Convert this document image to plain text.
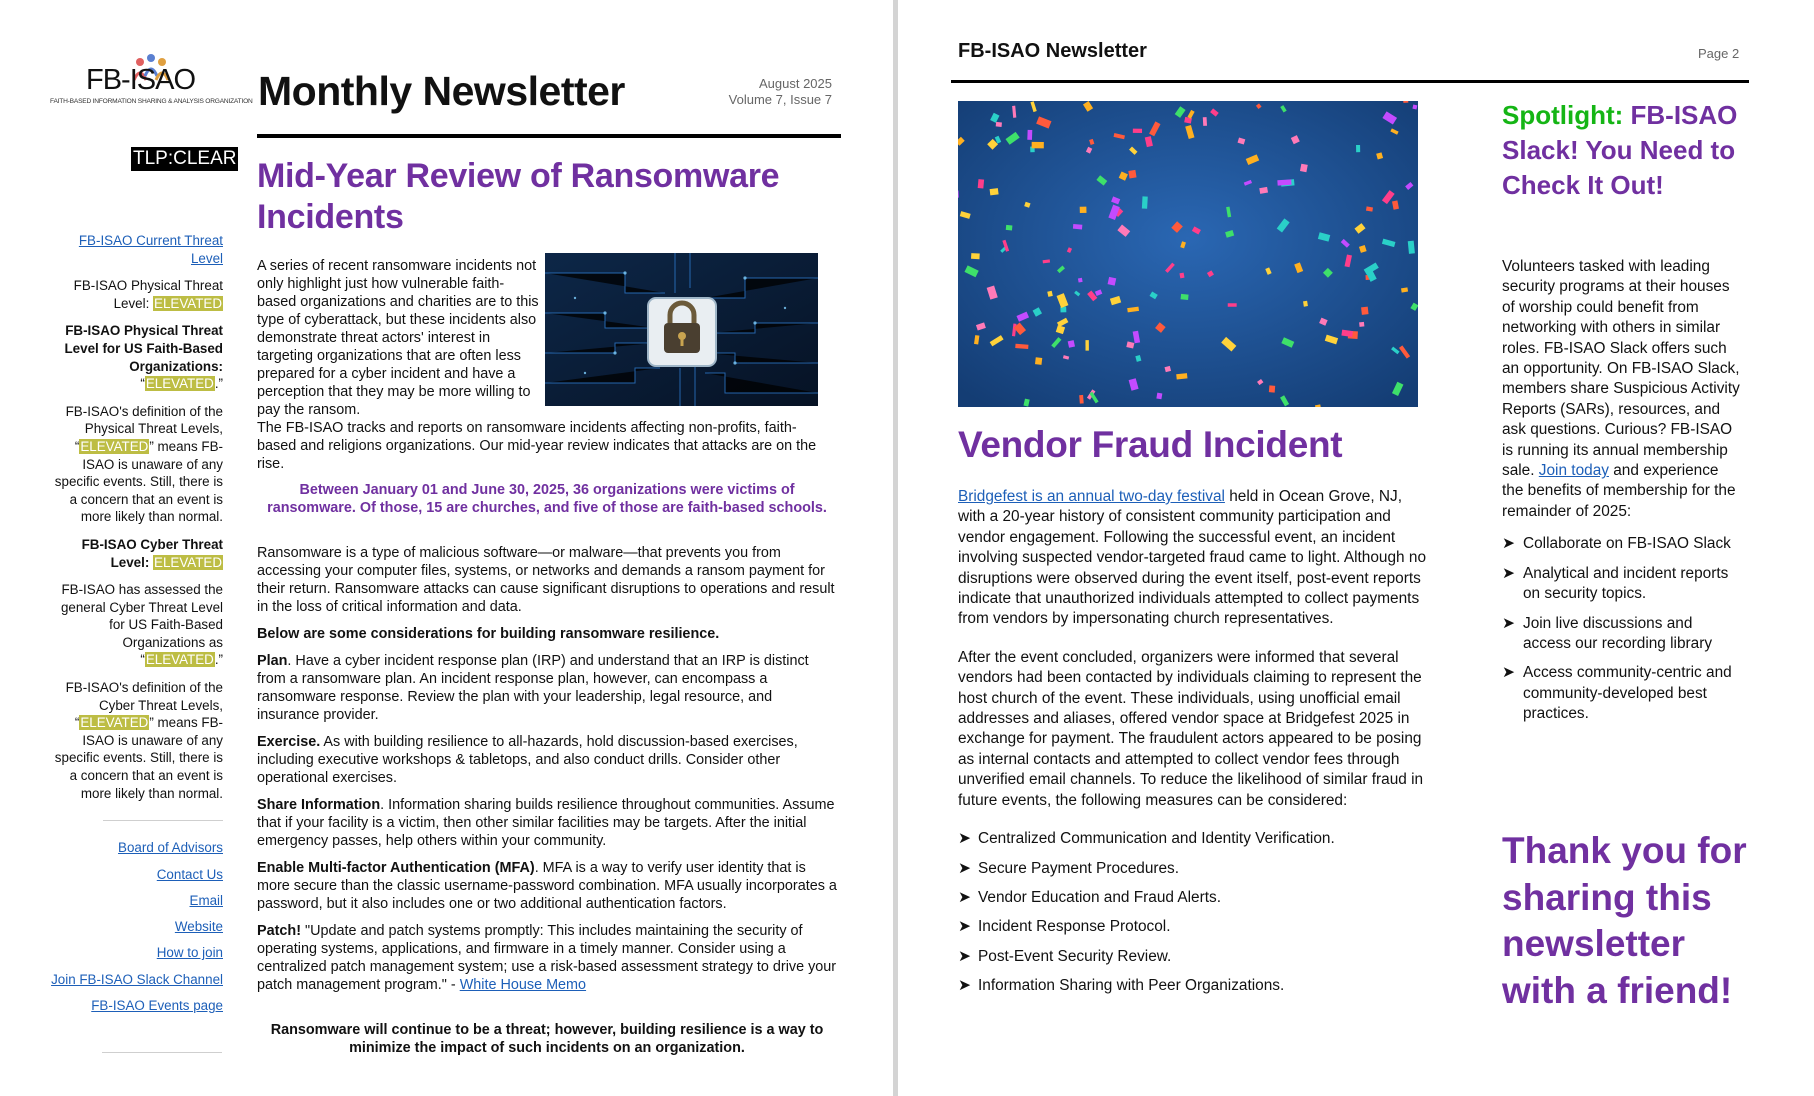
FB-ISAO
FAITH-BASED INFORMATION SHARING & ANALYSIS ORGANIZATION
TLP:CLEAR

FB-ISAO Current Threat Level

FB-ISAO Physical Threat Level: ELEVATED

FB-ISAO Physical Threat Level for US Faith-Based Organizations: “ELEVATED.”

FB-ISAO's definition of the Physical Threat Levels, “ELEVATED” means FB-ISAO is unaware of any specific events. Still, there is a concern that an event is more likely than normal.

FB-ISAO Cyber Threat Level: ELEVATED

FB-ISAO has assessed the general Cyber Threat Level for US Faith-Based Organizations as “ELEVATED.”

FB-ISAO's definition of the Cyber Threat Levels, “ELEVATED” means FB-ISAO is unaware of any specific events. Still, there is a concern that an event is more likely than normal.

Board of Advisors
Contact Us
Email
Website
How to join
Join FB-ISAO Slack Channel
FB-ISAO Events page
Monthly Newsletter	August 2025
Volume 7, Issue 7
Mid-Year Review of Ransomware Incidents

A series of recent ransomware incidents not only highlight just how vulnerable faith-based organizations and charities are to this type of cyberattack, but these incidents also demonstrate threat actors' interest in targeting organizations that are often less prepared for a cyber incident and have a perception that they may be more willing to pay the ransom.

The FB-ISAO tracks and reports on ransomware incidents affecting non-profits, faith-based and religions organizations. Our mid-year review indicates that attacks are on the rise.

Between January 01 and June 30, 2025, 36 organizations were victims of ransomware. Of those, 15 are churches, and five of those are faith-based schools.

Ransomware is a type of malicious software—or malware—that prevents you from accessing your computer files, systems, or networks and demands a ransom payment for their return. Ransomware attacks can cause significant disruptions to operations and result in the loss of critical information and data.

Below are some considerations for building ransomware resilience.

Plan. Have a cyber incident response plan (IRP) and understand that an IRP is distinct from a ransomware plan. An incident response plan, however, can encompass a ransomware response. Review the plan with your leadership, legal resource, and insurance provider.

Exercise. As with building resilience to all-hazards, hold discussion-based exercises, including executive workshops & tabletops, and also conduct drills. Consider other operational exercises.

Share Information. Information sharing builds resilience throughout communities. Assume that if your facility is a victim, then other similar facilities may be targets. After the initial emergency passes, help others within your community.

Enable Multi-factor Authentication (MFA). MFA is a way to verify user identity that is more secure than the classic username-password combination. MFA usually incorporates a password, but it also includes one or two additional authentication factors.

Patch! "Update and patch systems promptly: This includes maintaining the security of operating systems, applications, and firmware in a timely manner. Consider using a centralized patch management system; use a risk-based assessment strategy to drive your patch management program." - White House Memo

Ransomware will continue to be a threat; however, building resilience is a way to minimize the impact of such incidents on an organization.
FB-ISAO Newsletter	Page 2
Vendor Fraud Incident

Bridgefest is an annual two-day festival held in Ocean Grove, NJ, with a 20-year history of consistent community participation and vendor engagement. Following the successful event, an incident involving suspected vendor-targeted fraud came to light. Although no disruptions were observed during the event itself, post-event reports indicate that unauthorized individuals attempted to collect payments from vendors by impersonating church representatives.

After the event concluded, organizers were informed that several vendors had been contacted by individuals claiming to represent the host church of the event. These individuals, using unofficial email addresses and aliases, offered vendor space at Bridgefest 2025 in exchange for payment. The fraudulent actors appeared to be posing as internal contacts and attempted to collect vendor fees through unverified email channels. To reduce the likelihood of similar fraud in future events, the following measures can be considered:

➤ Centralized Communication and Identity Verification.
➤ Secure Payment Procedures.
➤ Vendor Education and Fraud Alerts.
➤ Incident Response Protocol.
➤ Post-Event Security Review.
➤ Information Sharing with Peer Organizations.
Spotlight: FB-ISAO Slack! You Need to Check It Out!

Volunteers tasked with leading security programs at their houses of worship could benefit from networking with others in similar roles. FB-ISAO Slack offers such an opportunity. On FB-ISAO Slack, members share Suspicious Activity Reports (SARs), resources, and ask questions. Curious? FB-ISAO is running its annual membership sale. Join today and experience the benefits of membership for the remainder of 2025:

➤ Collaborate on FB-ISAO Slack
➤ Analytical and incident reports on security topics.
➤ Join live discussions and access our recording library
➤ Access community-centric and community-developed best practices.
Thank you for sharing this newsletter with a friend!
